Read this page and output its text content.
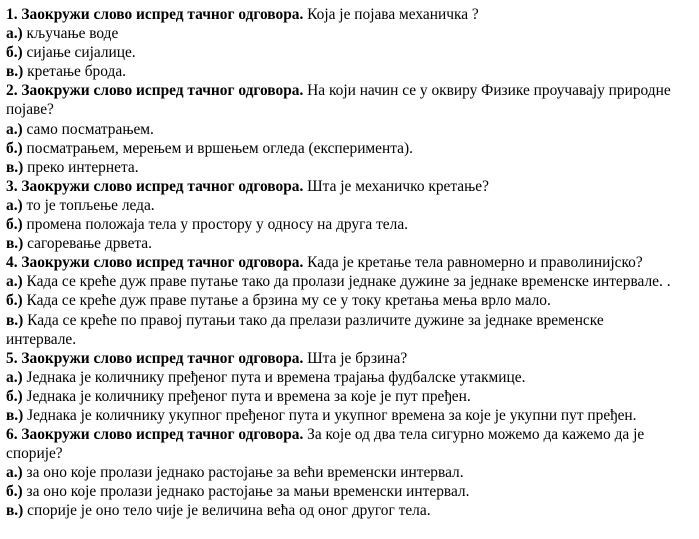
1. Заокружи слово испред тачног одговора. Која је појава механичка ?
а.) кључање воде
б.) сијање сијалице.
в.) кретање брода.
2. Заокружи слово испред тачног одговора. На који начин се у оквиру Физике проучавају природне појаве?
а.) само посматрањем.
б.) посматрањем, мерењем и вршењем огледа (експеримента).
в.) преко интернета.
3. Заокружи слово испред тачног одговора. Шта је механичко кретање?
а.) то је топљење леда.
б.) промена положаја тела у простору у односу на друга тела.
в.) сагоревање дрвета.
4. Заокружи слово испред тачног одговора. Када је кретање тела равномерно и праволинијско?
а.) Када се креће дуж праве путање тако да пролази једнаке дужине за једнаке временске интервале. .
б.) Када се креће дуж праве путање а брзина му се у току кретања мења врло мало.
в.) Када се креће по правој путањи тако да прелази различите дужине за једнаке временске интервале.
5. Заокружи слово испред тачног одговора. Шта је брзина?
а.) Једнака је количнику пређеног пута и времена трајања фудбалске утакмице.
б.) Једнака је количнику пређеног пута и времена за које је пут пређен.
в.) Једнака је количнику укупног пређеног пута и укупног времена за које је укупни пут пређен.
6. Заокружи слово испред тачног одговора. За које од два тела сигурно можемо да кажемо да је спорије?
а.) за оно које пролази једнако растојање за већи временски интервал.
б.) за оно које пролази једнако растојање за мањи временски интервал.
в.) спорије је оно тело чије је величина већа од оног другог тела.
